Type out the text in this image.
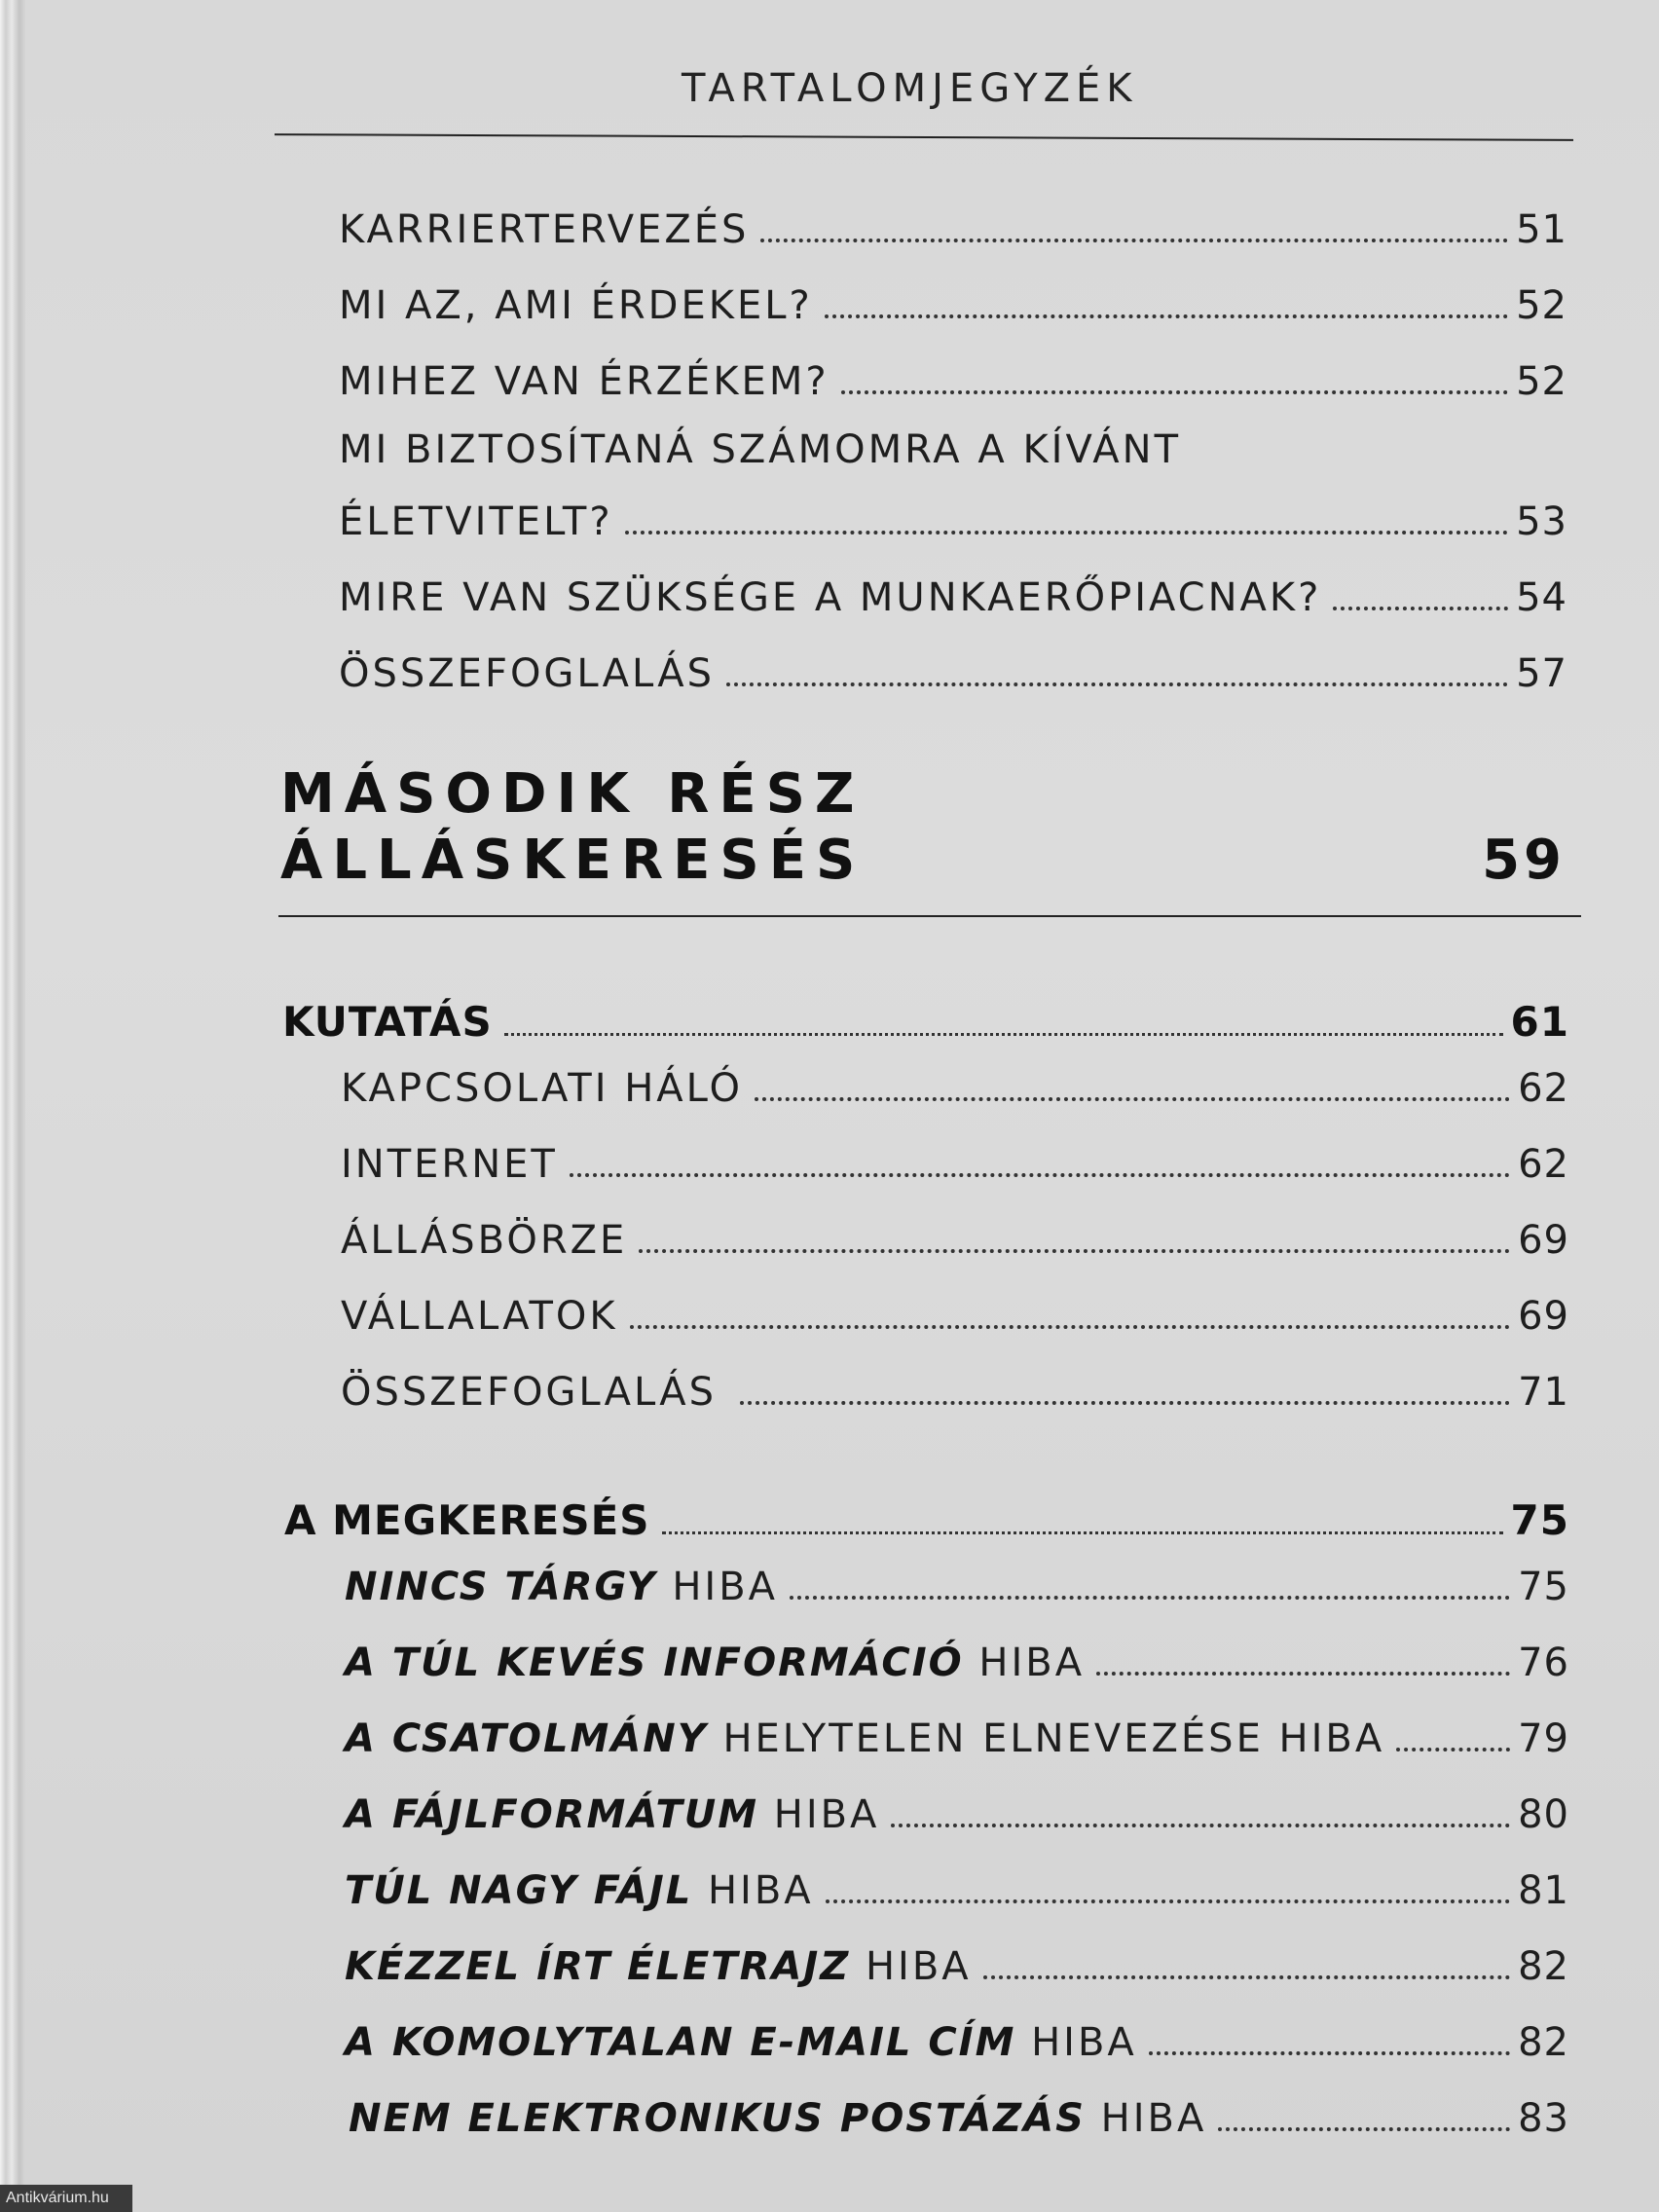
TARTALOMJEGYZÉK
KARRIERTERVEZÉS	51
MI AZ, AMI ÉRDEKEL?	52
MIHEZ VAN ÉRZÉKEM?	52
MI BIZTOSÍTANÁ SZÁMOMRA A KÍVÁNT
ÉLETVITELT?	53
MIRE VAN SZÜKSÉGE A MUNKAERŐPIACNAK?	54
ÖSSZEFOGLALÁS	57
MÁSODIK RÉSZ
ÁLLÁSKERESÉS	59
KUTATÁS	61
KAPCSOLATI HÁLÓ	62
INTERNET	62
ÁLLÁSBÖRZE	69
VÁLLALATOK	69
ÖSSZEFOGLALÁS	71
A MEGKERESÉS	75
NINCS TÁRGY HIBA	75
A TÚL KEVÉS INFORMÁCIÓ HIBA	76
A CSATOLMÁNY HELYTELEN ELNEVEZÉSE HIBA	79
A FÁJLFORMÁTUM HIBA	80
TÚL NAGY FÁJL HIBA	81
KÉZZEL ÍRT ÉLETRAJZ HIBA	82
A KOMOLYTALAN E-MAIL CÍM HIBA	82
NEM ELEKTRONIKUS POSTÁZÁS HIBA	83
Antikvárium.hu
